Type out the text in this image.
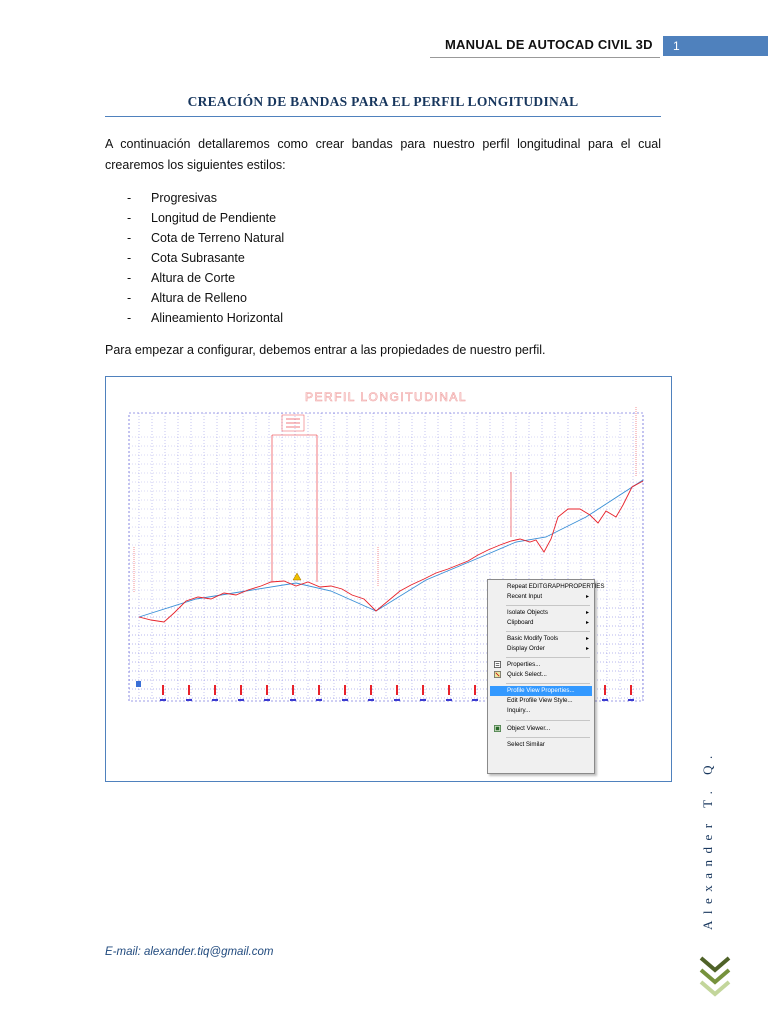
MANUAL DE AUTOCAD CIVIL 3D	1
CREACIÓN DE BANDAS PARA EL PERFIL LONGITUDINAL
A continuación detallaremos como crear bandas para nuestro perfil longitudinal para el cual crearemos los siguientes estilos:
- Progresivas
- Longitud de Pendiente
- Cota de Terreno Natural
- Cota Subrasante
- Altura de Corte
- Altura de Relleno
- Alineamiento Horizontal
Para empezar a configurar, debemos entrar a las propiedades de nuestro perfil.
PERFIL LONGITUDINAL
Repeat EDITGRAPHPROPERTIES
Recent Input	▸
Isolate Objects	▸
Clipboard	▸
Basic Modify Tools	▸
Display Order	▸
Properties...
Quick Select...
Profile View Properties...
Edit Profile View Style...
Inquiry...
Object Viewer...
Select Similar
Alexander T. Q.
E-mail: alexander.tiq@gmail.com
